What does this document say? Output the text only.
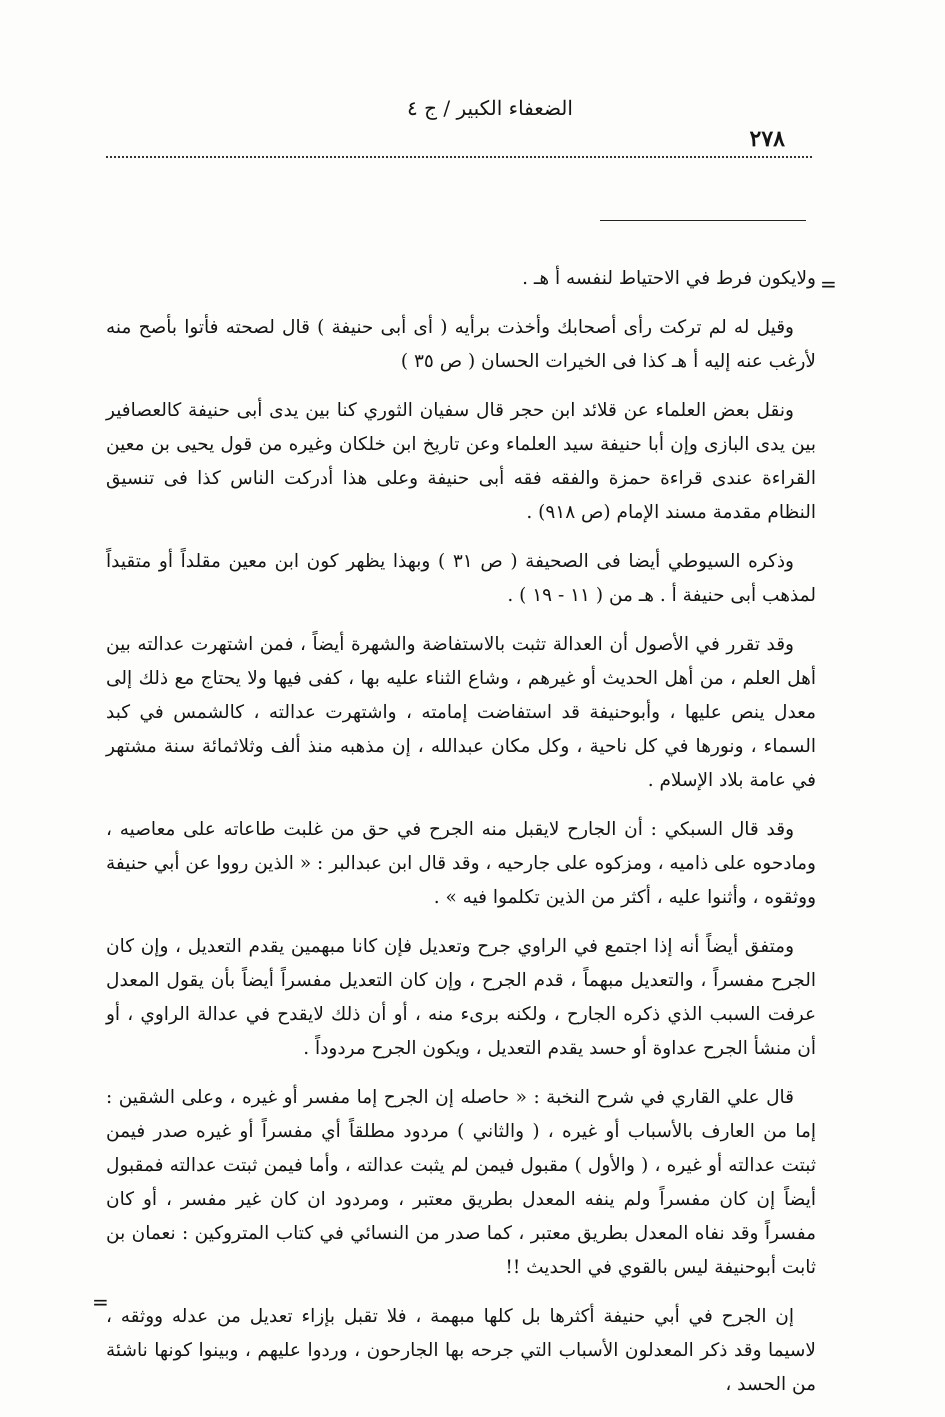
الضعفاء الكبير / ج ٤
٢٧٨
=

ولايكون فرط في الاحتياط لنفسه أ هـ .

وقيل له لم تركت رأى أصحابك وأخذت برأيه ( أى أبى حنيفة ) قال لصحته فأتوا بأصح منه لأرغب عنه إليه أ هـ كذا فى الخيرات الحسان ( ص ٣٥ )

ونقل بعض العلماء عن قلائد ابن حجر قال سفيان الثوري كنا بين يدى أبى حنيفة كالعصافير بين يدى البازى وإن أبا حنيفة سيد العلماء وعن تاريخ ابن خلكان وغيره من قول يحيى بن معين القراءة عندى قراءة حمزة والفقه فقه أبى حنيفة وعلى هذا أدركت الناس كذا فى تنسيق النظام مقدمة مسند الإمام (ص ٩١٨) .

وذكره السيوطي أيضا فى الصحيفة ( ص ٣١ ) وبهذا يظهر كون ابن معين مقلداً أو متقيداً لمذهب أبى حنيفة أ . هـ من ( ١١ - ١٩ ) .

وقد تقرر في الأصول أن العدالة تثبت بالاستفاضة والشهرة أيضاً ، فمن اشتهرت عدالته بين أهل العلم ، من أهل الحديث أو غيرهم ، وشاع الثناء عليه بها ، كفى فيها ولا يحتاج مع ذلك إلى معدل ينص عليها ، وأبوحنيفة قد استفاضت إمامته ، واشتهرت عدالته ، كالشمس في كبد السماء ، ونورها في كل ناحية ، وكل مكان عبدالله ، إن مذهبه منذ ألف وثلاثمائة سنة مشتهر في عامة بلاد الإسلام .

وقد قال السبكي : أن الجارح لايقبل منه الجرح في حق من غلبت طاعاته على معاصيه ، ومادحوه على ذاميه ، ومزكوه على جارحيه ، وقد قال ابن عبدالبر : « الذين رووا عن أبي حنيفة ووثقوه ، وأثنوا عليه ، أكثر من الذين تكلموا فيه » .

ومتفق أيضاً أنه إذا اجتمع في الراوي جرح وتعديل فإن كانا مبهمين يقدم التعديل ، وإن كان الجرح مفسراً ، والتعديل مبهماً ، قدم الجرح ، وإن كان التعديل مفسراً أيضاً بأن يقول المعدل عرفت السبب الذي ذكره الجارح ، ولكنه برىء منه ، أو أن ذلك لايقدح في عدالة الراوي ، أو أن منشأ الجرح عداوة أو حسد يقدم التعديل ، ويكون الجرح مردوداً .

قال علي القاري في شرح النخبة : « حاصله إن الجرح إما مفسر أو غيره ، وعلى الشقين : إما من العارف بالأسباب أو غيره ، ( والثاني ) مردود مطلقاً أي مفسراً أو غيره صدر فيمن ثبتت عدالته أو غيره ، ( والأول ) مقبول فيمن لم يثبت عدالته ، وأما فيمن ثبتت عدالته فمقبول أيضاً إن كان مفسراً ولم ينفه المعدل بطريق معتبر ، ومردود ان كان غير مفسر ، أو كان مفسراً وقد نفاه المعدل بطريق معتبر ، كما صدر من النسائي في كتاب المتروكين : نعمان بن ثابت أبوحنيفة ليس بالقوي في الحديث !!

إن الجرح في أبي حنيفة أكثرها بل كلها مبهمة ، فلا تقبل بإزاء تعديل من عدله ووثقه ، لاسيما وقد ذكر المعدلون الأسباب التي جرحه بها الجارحون ، وردوا عليهم ، وبينوا كونها ناشئة من الحسد ،

=
